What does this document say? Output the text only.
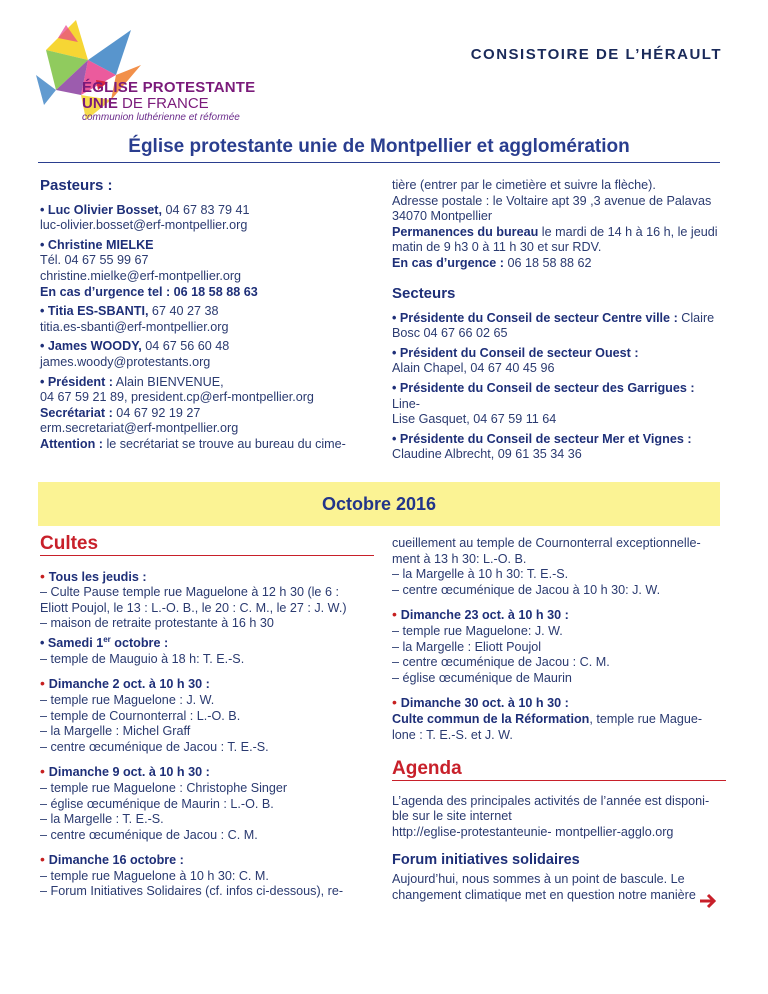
ÉGLISE PROTESTANTE
UNIE DE FRANCE
communion luthérienne et réformée
CONSISTOIRE DE L’HÉRAULT
Église protestante unie de Montpellier et agglomération
Pasteurs :
• Luc Olivier Bosset, 04 67 83 79 41
luc-olivier.bosset@erf-montpellier.org
• Christine MIELKE
Tél. 04 67 55 99 67
christine.mielke@erf-montpellier.org
En cas d’urgence tel : 06 18 58 88 63
• Titia ES-SBANTI, 67 40 27 38
titia.es-sbanti@erf-montpellier.org
• James WOODY, 04 67 56 60 48
james.woody@protestants.org
• Président : Alain BIENVENUE,
04 67 59 21 89, president.cp@erf-montpellier.org
Secrétariat : 04 67 92 19 27
erm.secretariat@erf-montpellier.org
Attention : le secrétariat se trouve au bureau du cime-
tière (entrer par le cimetière et suivre la flèche).
Adresse postale : le Voltaire apt 39 ,3 avenue de Palavas
34070 Montpellier
Permanences du bureau le mardi de 14 h à 16 h, le jeudi
matin de 9 h3 0 à 11 h 30 et sur RDV.
En cas d’urgence : 06 18 58 88 62
Secteurs
• Présidente du Conseil de secteur Centre ville : Claire
Bosc 04 67 66 02 65
• Président du Conseil de secteur Ouest :
Alain Chapel, 04 67 40 45 96
• Présidente du Conseil de secteur des Garrigues : Line-
Lise Gasquet, 04 67 59 11 64
• Présidente du Conseil de secteur Mer et Vignes :
Claudine Albrecht, 09 61 35 34 36
Octobre 2016
Cultes
• Tous les jeudis :
– Culte Pause temple rue Maguelone à 12 h 30 (le 6 :
Eliott Poujol, le 13 : L.-O. B., le 20 : C. M., le 27 : J. W.)
– maison de retraite protestante à 16 h 30
• Samedi 1er octobre :
– temple de Mauguio à 18 h: T. E.-S.
• Dimanche 2 oct. à 10 h 30 :
– temple rue Maguelone : J. W.
– temple de Cournonterral : L.-O. B.
– la Margelle : Michel Graff
– centre œcuménique de Jacou : T. E.-S.
• Dimanche 9 oct. à 10 h 30 :
– temple rue Maguelone : Christophe Singer
– église œcuménique de Maurin : L.-O. B.
– la Margelle : T. E.-S.
– centre œcuménique de Jacou : C. M.
• Dimanche 16 octobre :
– temple rue Maguelone à 10 h 30: C. M.
– Forum Initiatives Solidaires (cf. infos ci-dessous), re-
cueillement au temple de Cournonterral exceptionnelle-
ment à 13 h 30: L.-O. B.
– la Margelle à 10 h 30: T. E.-S.
– centre œcuménique de Jacou à 10 h 30: J. W.
• Dimanche 23 oct. à 10 h 30 :
– temple rue Maguelone: J. W.
– la Margelle : Eliott Poujol
– centre œcuménique de Jacou : C. M.
– église œcuménique de Maurin
• Dimanche 30 oct. à 10 h 30 :
Culte commun de la Réformation, temple rue Mague-
lone : T. E.-S. et J. W.
Agenda
L’agenda des principales activités de l’année est disponi-
ble sur le site internet
http://eglise-protestanteunie- montpellier-agglo.org
Forum initiatives solidaires
Aujourd’hui, nous sommes à un point de bascule. Le
changement climatique met en question notre manière
